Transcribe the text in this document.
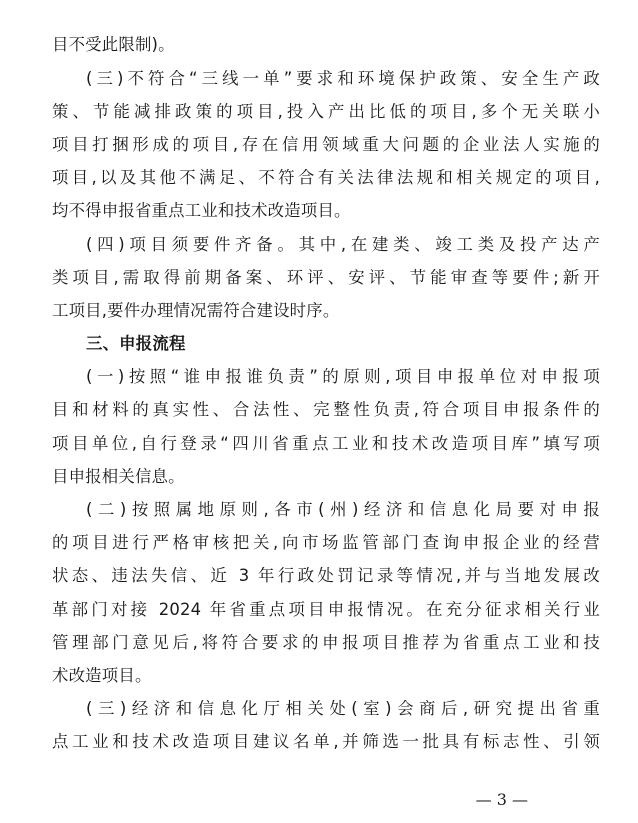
目不受此限制)。
(三)不符合“三线一单”要求和环境保护政策、安全生产政
策、节能减排政策的项目,投入产出比低的项目,多个无关联小
项目打捆形成的项目,存在信用领域重大问题的企业法人实施的
项目,以及其他不满足、不符合有关法律法规和相关规定的项目,
均不得申报省重点工业和技术改造项目。
(四)项目须要件齐备。其中,在建类、竣工类及投产达产
类项目,需取得前期备案、环评、安评、节能审查等要件;新开
工项目,要件办理情况需符合建设时序。
三、申报流程
(一)按照“谁申报谁负责”的原则,项目申报单位对申报项
目和材料的真实性、合法性、完整性负责,符合项目申报条件的
项目单位,自行登录“四川省重点工业和技术改造项目库”填写项
目申报相关信息。
(二)按照属地原则,各市(州)经济和信息化局要对申报
的项目进行严格审核把关,向市场监管部门查询申报企业的经营
状态、违法失信、近 3 年行政处罚记录等情况,并与当地发展改
革部门对接 2024 年省重点项目申报情况。在充分征求相关行业
管理部门意见后,将符合要求的申报项目推荐为省重点工业和技
术改造项目。
(三)经济和信息化厅相关处(室)会商后,研究提出省重
点工业和技术改造项目建议名单,并筛选一批具有标志性、引领
— 3 —
